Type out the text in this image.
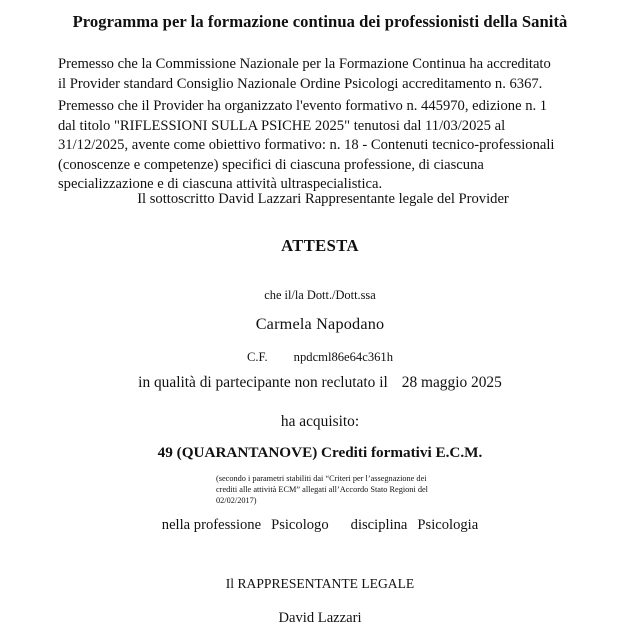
Programma per la formazione continua dei professionisti della Sanità
Premesso che la Commissione Nazionale per la Formazione Continua ha accreditato
il Provider standard Consiglio Nazionale Ordine Psicologi accreditamento n. 6367.
Premesso che il Provider ha organizzato l'evento formativo n. 445970, edizione n. 1
dal titolo "RIFLESSIONI SULLA PSICHE 2025" tenutosi dal 11/03/2025 al
31/12/2025, avente come obiettivo formativo: n. 18 - Contenuti tecnico-professionali
(conoscenze e competenze) specifici di ciascuna professione, di ciascuna
specializzazione e di ciascuna attività ultraspecialistica.
Il sottoscritto David Lazzari Rappresentante legale del Provider
ATTESTA
che il/la Dott./Dott.ssa
Carmela Napodano
C.F. npdcml86e64c361h
in qualità di partecipante non reclutato il 28 maggio 2025
ha acquisito:
49 (QUARANTANOVE) Crediti formativi E.C.M.
(secondo i parametri stabiliti dai “Criteri per l’assegnazione dei
crediti alle attività ECM” allegati all’Accordo Stato Regioni del
02/02/2017)
nella professione Psicologo disciplina Psicologia
Il RAPPRESENTANTE LEGALE
David Lazzari
